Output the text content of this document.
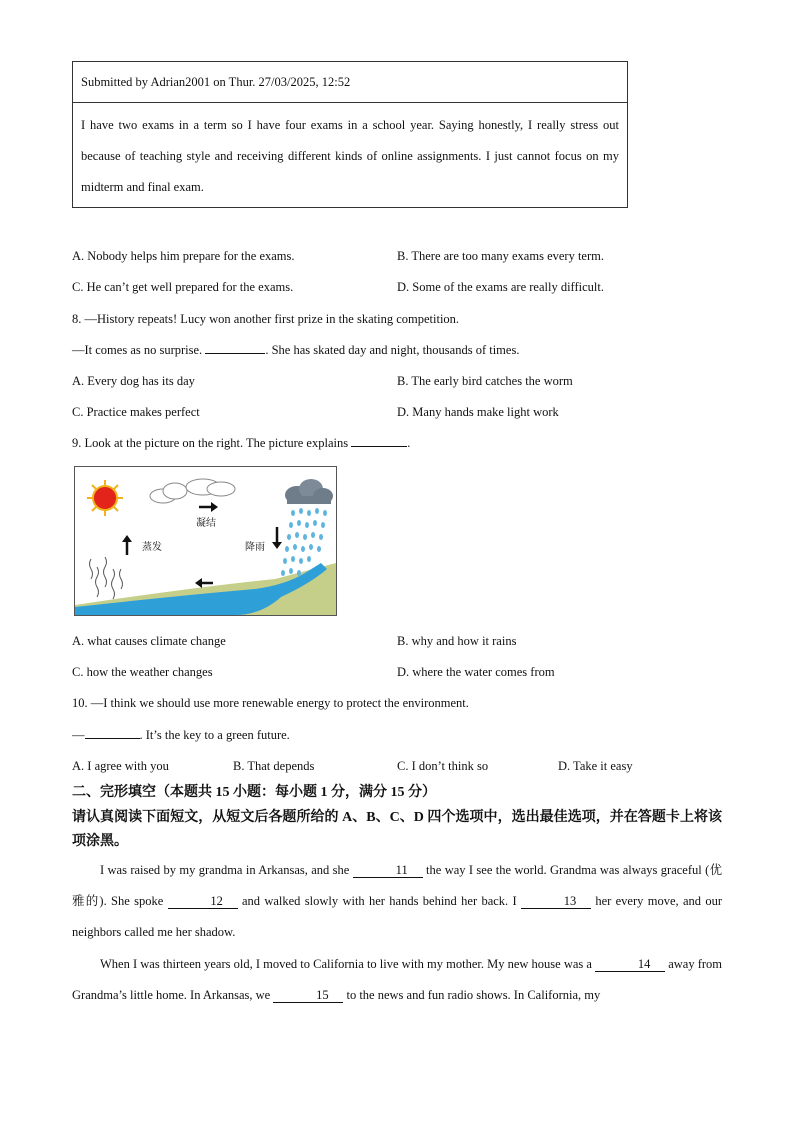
Submitted by Adrian2001 on Thur. 27/03/2025, 12:52
I have two exams in a term so I have four exams in a school year. Saying honestly, I really stress out because of teaching style and receiving different kinds of online assignments. I just cannot focus on my midterm and final exam.
A. Nobody helps him prepare for the exams.	B. There are too many exams every term.
C. He can’t get well prepared for the exams.	D. Some of the exams are really difficult.
8. —History repeats! Lucy won another first prize in the skating competition.
—It comes as no surprise.	. She has skated day and night, thousands of times.
A. Every dog has its day	B. The early bird catches the worm
C. Practice makes perfect	D. Many hands make light work
9. Look at the picture on the right. The picture explains	.
凝结
蒸发	降雨
A. what causes climate change	B. why and how it rains
C. how the weather changes	D. where the water comes from
10. —I think we should use more renewable energy to protect the environment.
—	. It’s the key to a green future.
A. I agree with you	B. That depends	C. I don’t think so	D. Take it easy
二、完形填空（本题共 15 小题：每小题 1 分，满分 15 分）
请认真阅读下面短文，从短文后各题所给的 A、B、C、D 四个选项中，选出最佳选项，并在答题卡上将该项涂黑。
I was raised by my grandma in Arkansas, and she	11 the way I see the world. Grandma was always graceful (优雅的). She spoke	12 and walked slowly with her hands behind her back. I	13 her every move, and our neighbors called me her shadow.
When I was thirteen years old, I moved to California to live with my mother. My new house was a	14 away from Grandma’s little home. In Arkansas, we	15 to the news and fun radio shows. In California, my
